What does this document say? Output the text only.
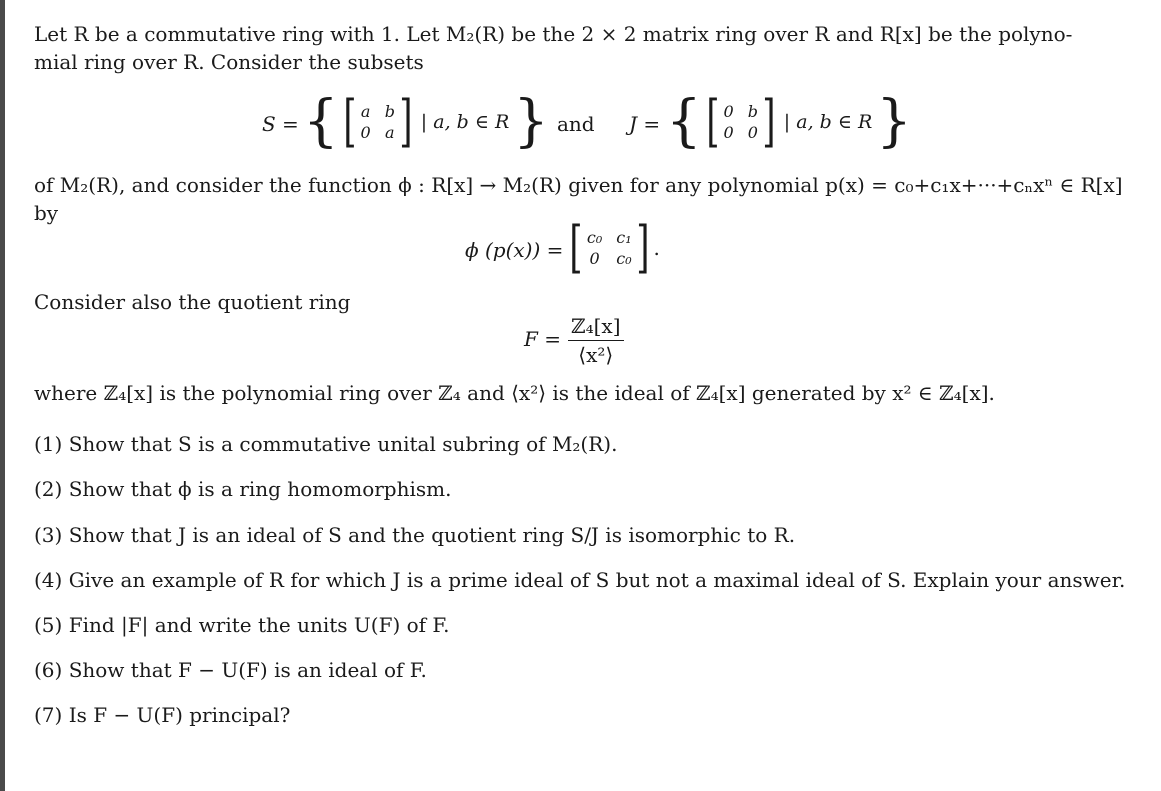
Let R be a commutative ring with 1. Let M₂(R) be the 2 × 2 matrix ring over R and R[x] be the polyno-
mial ring over R. Consider the subsets
S = { [ a b
0 a ] | a, b ∈ R } and J = { [ 0 b
0 0 ] | a, b ∈ R }
of M₂(R), and consider the function ϕ : R[x] → M₂(R) given for any polynomial p(x) = c₀+c₁x+···+cₙxⁿ ∈ R[x]
by
ϕ (p(x)) = [ c₀ c₁
0 c₀ ] .
Consider also the quotient ring
F =
ℤ₄[x]
⟨x²⟩
where ℤ₄[x] is the polynomial ring over ℤ₄ and ⟨x²⟩ is the ideal of ℤ₄[x] generated by x² ∈ ℤ₄[x].
(1) Show that S is a commutative unital subring of M₂(R).
(2) Show that ϕ is a ring homomorphism.
(3) Show that J is an ideal of S and the quotient ring S/J is isomorphic to R.
(4) Give an example of R for which J is a prime ideal of S but not a maximal ideal of S. Explain your answer.
(5) Find |F| and write the units U(F) of F.
(6) Show that F − U(F) is an ideal of F.
(7) Is F − U(F) principal?
